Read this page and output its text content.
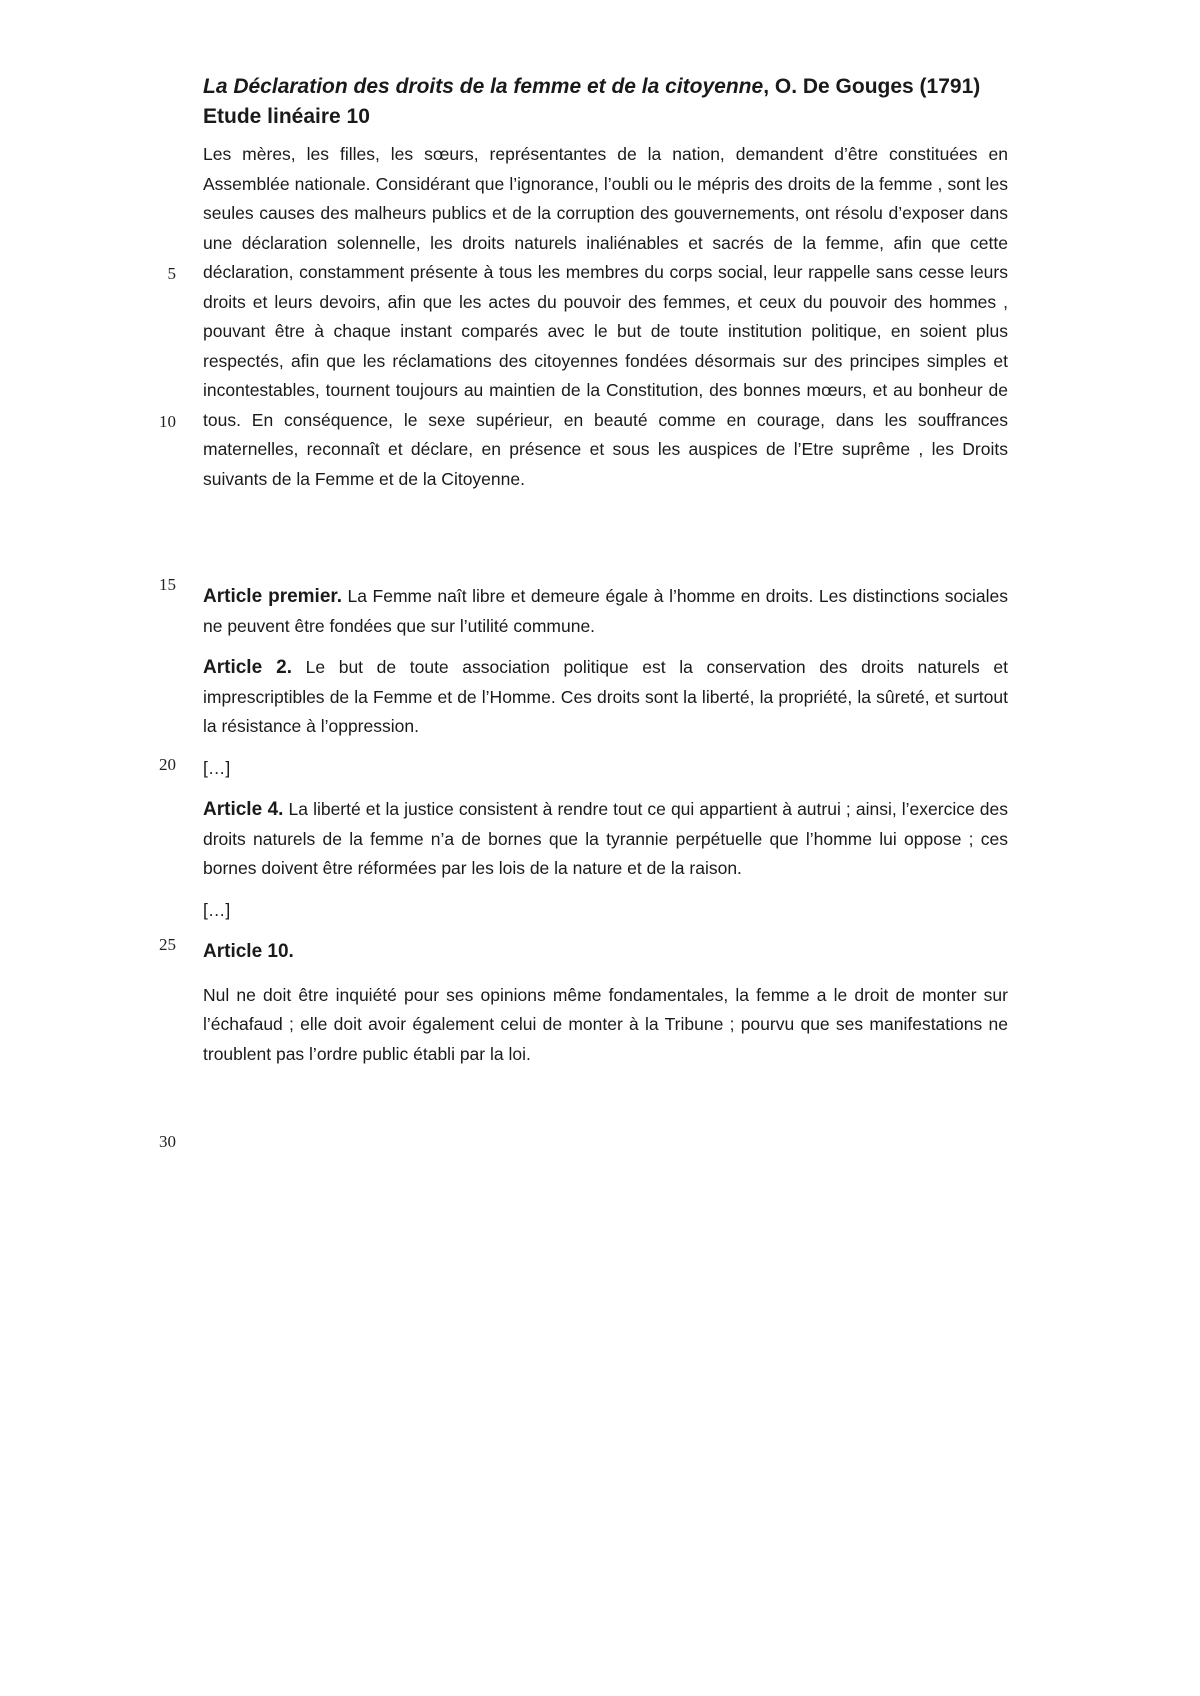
5
10
15
20
25
30

La Déclaration des droits de la femme et de la citoyenne, O. De Gouges (1791)

Etude linéaire 10

Les mères, les filles, les sœurs, représentantes de la nation, demandent d’être constituées en Assemblée nationale. Considérant que l’ignorance, l’oubli ou le mépris des droits de la femme , sont les seules causes des malheurs publics et de la corruption des gouvernements, ont résolu d’exposer dans une déclaration solennelle, les droits naturels inaliénables et sacrés de la femme, afin que cette déclaration, constamment présente à tous les membres du corps social, leur rappelle sans cesse leurs droits et leurs devoirs, afin que les actes du pouvoir des femmes, et ceux du pouvoir des hommes , pouvant être à chaque instant comparés avec le but de toute institution politique, en soient plus respectés, afin que les réclamations des citoyennes fondées désormais sur des principes simples et incontestables, tournent toujours au maintien de la Constitution, des bonnes mœurs, et au bonheur de tous. En conséquence, le sexe supérieur, en beauté comme en courage, dans les souffrances maternelles, reconnaît et déclare, en présence et sous les auspices de l’Etre suprême , les Droits suivants de la Femme et de la Citoyenne.

Article premier. La Femme naît libre et demeure égale à l’homme en droits. Les distinctions sociales ne peuvent être fondées que sur l’utilité commune.

Article 2. Le but de toute association politique est la conservation des droits naturels et imprescriptibles de la Femme et de l’Homme. Ces droits sont la liberté, la propriété, la sûreté, et surtout la résistance à l’oppression.

[…]

Article 4. La liberté et la justice consistent à rendre tout ce qui appartient à autrui ; ainsi, l’exercice des droits naturels de la femme n’a de bornes que la tyrannie perpétuelle que l’homme lui oppose ; ces bornes doivent être réformées par les lois de la nature et de la raison.

[…]

Article 10.

Nul ne doit être inquiété pour ses opinions même fondamentales, la femme a le droit de monter sur l’échafaud ; elle doit avoir également celui de monter à la Tribune ; pourvu que ses manifestations ne troublent pas l’ordre public établi par la loi.
